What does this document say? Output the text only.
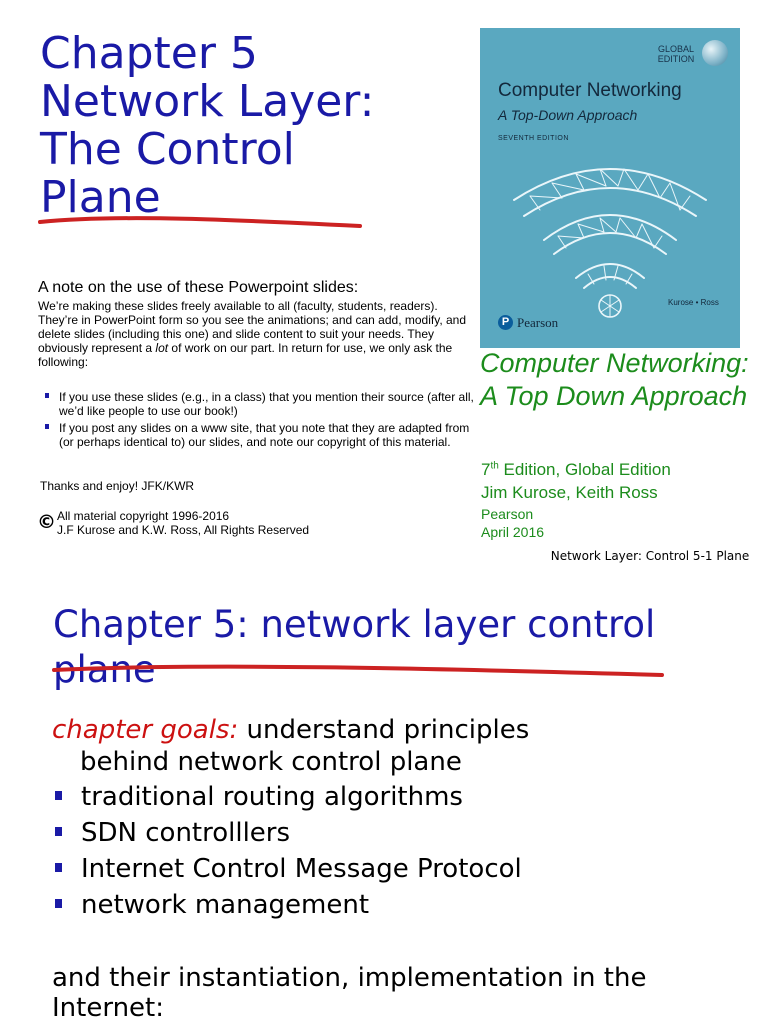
Chapter 5
Network Layer:
The Control
Plane
A note on the use of these Powerpoint slides:

We’re making these slides freely available to all (faculty, students, readers). They’re in PowerPoint form so you see the animations; and can add, modify, and delete slides (including this one) and slide content to suit your needs. They obviously represent a lot of work on our part. In return for use, we only ask the following:

If you use these slides (e.g., in a class) that you mention their source (after all, we’d like people to use our book!)
If you post any slides on a www site, that you note that they are adapted from (or perhaps identical to) our slides, and note our copyright of this material.
Thanks and enjoy! JFK/KWR
© All material copyright 1996-2016
J.F Kurose and K.W. Ross, All Rights Reserved
GLOBAL
EDITION
Computer Networking
A Top-Down Approach
SEVENTH EDITION
Kurose • Ross
P Pearson
Computer Networking: A Top Down Approach
7th Edition, Global Edition
Jim Kurose, Keith Ross
Pearson
April 2016
Network Layer: Control 5-1 Plane
Chapter 5: network layer control plane
chapter goals: understand principles
behind network control plane
traditional routing algorithms
SDN controlllers
Internet Control Message Protocol
network management
and their instantiation, implementation in the Internet:
